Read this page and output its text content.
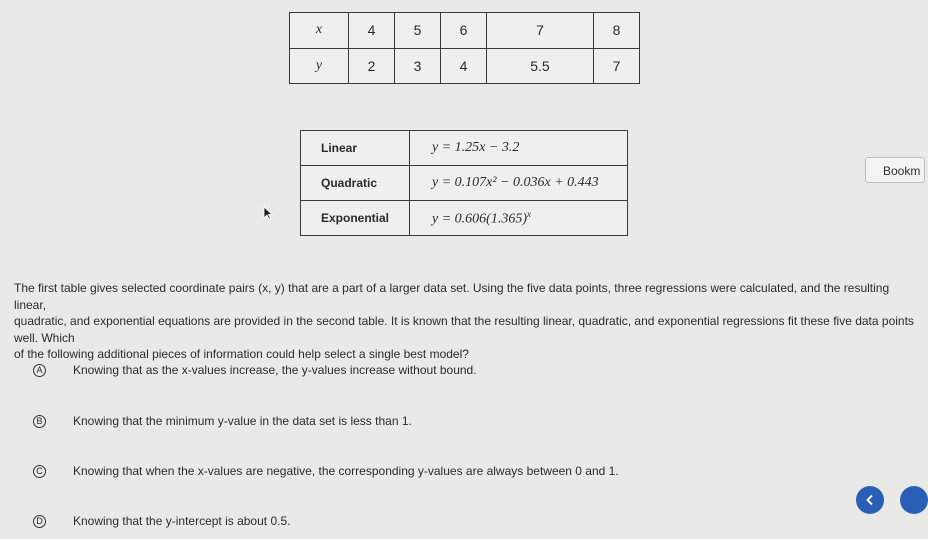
x	4	5	6	7	8
y	2	3	4	5.5	7
Linear	y = 1.25x − 3.2
Quadratic	y = 0.107x² − 0.036x + 0.443
Exponential	$y = 0.606(1.365)^x$
Bookm
The first table gives selected coordinate pairs (x, y) that are a part of a larger data set. Using the five data points, three regressions were calculated, and the resulting linear,
quadratic, and exponential equations are provided in the second table. It is known that the resulting linear, quadratic, and exponential regressions fit these five data points well. Which
of the following additional pieces of information could help select a single best model?
A	Knowing that as the x-values increase, the y-values increase without bound.
B	Knowing that the minimum y-value in the data set is less than 1.
C	Knowing that when the x-values are negative, the corresponding y-values are always between 0 and 1.
D	Knowing that the y-intercept is about 0.5.
